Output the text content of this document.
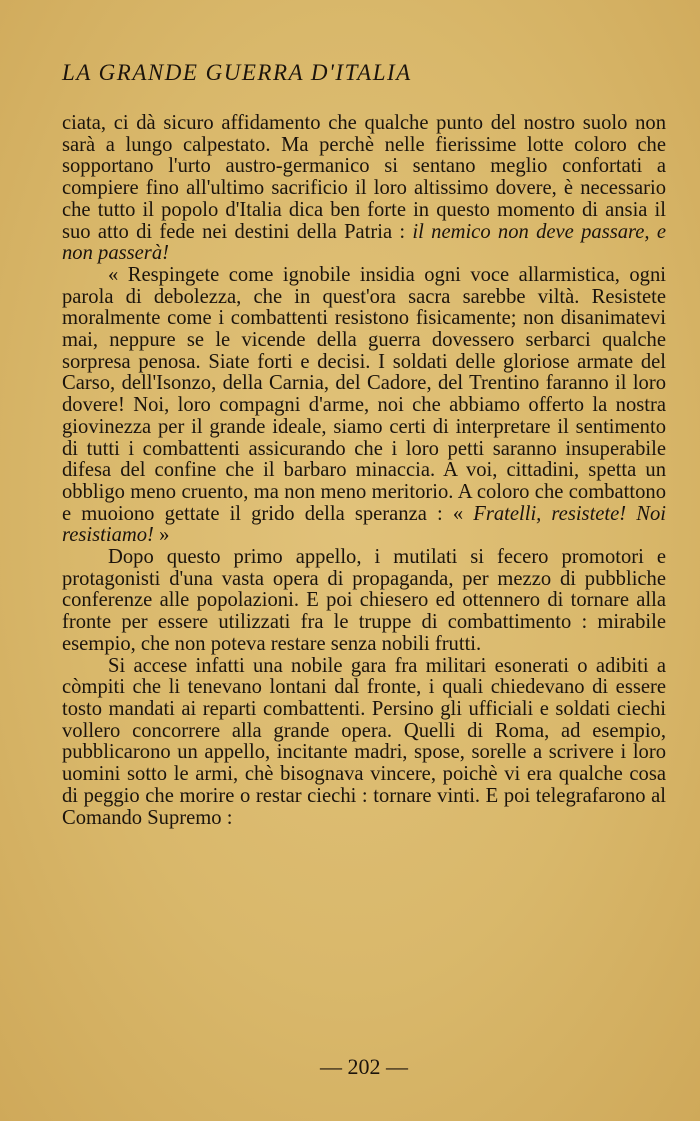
LA GRANDE GUERRA D'ITALIA

ciata, ci dà sicuro affidamento che qualche punto del nostro suolo non sarà a lungo calpestato. Ma perchè nelle fierissime lotte coloro che sopportano l'urto austro-germanico si sentano meglio confortati a compiere fino all'ultimo sacrificio il loro altissimo dovere, è necessario che tutto il popolo d'Italia dica ben forte in questo momento di ansia il suo atto di fede nei destini della Patria : il nemico non deve passare, e non passerà!

« Respingete come ignobile insidia ogni voce allarmistica, ogni parola di debolezza, che in quest'ora sacra sarebbe viltà. Resistete moralmente come i combattenti resistono fisicamente; non disanimatevi mai, neppure se le vicende della guerra dovessero serbarci qualche sorpresa penosa. Siate forti e decisi. I soldati delle gloriose armate del Carso, dell'Isonzo, della Carnia, del Cadore, del Trentino faranno il loro dovere! Noi, loro compagni d'arme, noi che abbiamo offerto la nostra giovinezza per il grande ideale, siamo certi di interpretare il sentimento di tutti i combattenti assicurando che i loro petti saranno insuperabile difesa del confine che il barbaro minaccia. A voi, cittadini, spetta un obbligo meno cruento, ma non meno meritorio. A coloro che combattono e muoiono gettate il grido della speranza : « Fratelli, resistete! Noi resistiamo! »

Dopo questo primo appello, i mutilati si fecero promotori e protagonisti d'una vasta opera di propaganda, per mezzo di pubbliche conferenze alle popolazioni. E poi chiesero ed ottennero di tornare alla fronte per essere utilizzati fra le truppe di combattimento : mirabile esempio, che non poteva restare senza nobili frutti.

Si accese infatti una nobile gara fra militari esonerati o adibiti a còmpiti che li tenevano lontani dal fronte, i quali chiedevano di essere tosto mandati ai reparti combattenti. Persino gli ufficiali e soldati ciechi vollero concorrere alla grande opera. Quelli di Roma, ad esempio, pubblicarono un appello, incitante madri, spose, sorelle a scrivere i loro uomini sotto le armi, chè bisognava vincere, poichè vi era qualche cosa di peggio che morire o restar ciechi : tornare vinti. E poi telegrafarono al Comando Supremo :

— 202 —
